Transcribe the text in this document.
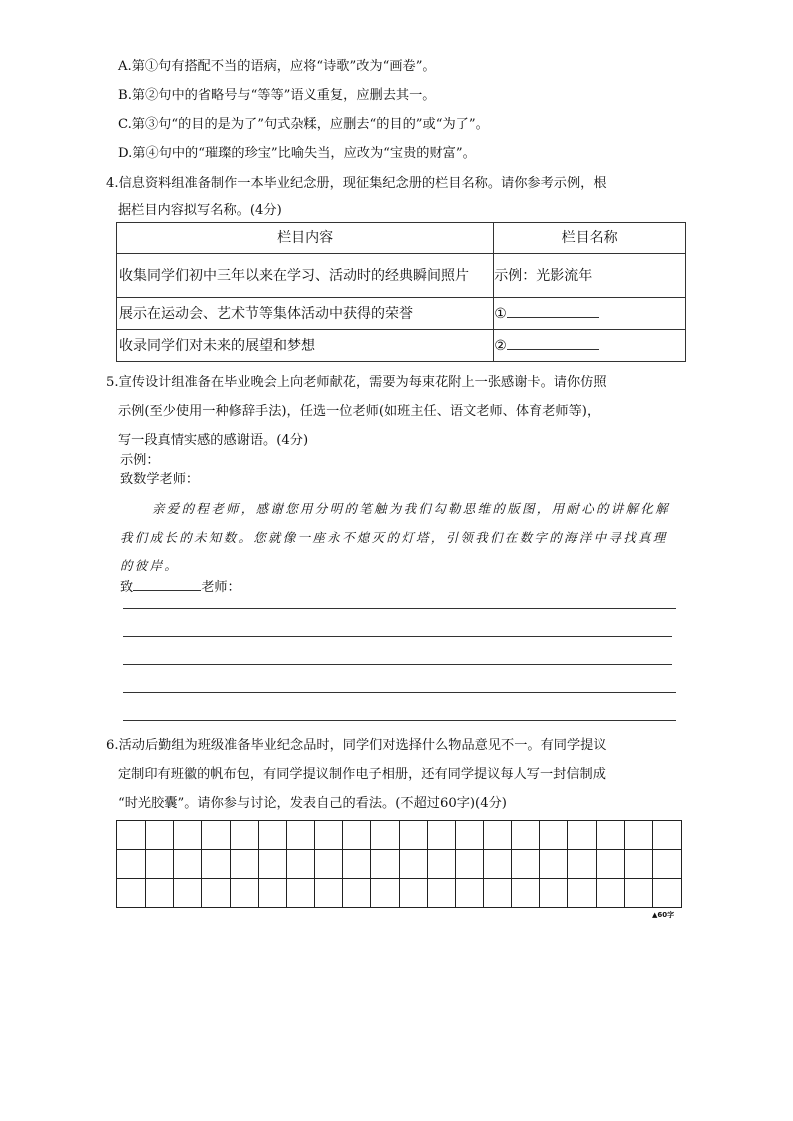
A.第①句有搭配不当的语病，应将“诗歌”改为“画卷”。
B.第②句中的省略号与“等等”语义重复，应删去其一。
C.第③句“的目的是为了”句式杂糅，应删去“的目的”或“为了”。
D.第④句中的“璀璨的珍宝”比喻失当，应改为“宝贵的财富”。
4.信息资料组准备制作一本毕业纪念册，现征集纪念册的栏目名称。请你参考示例，根
据栏目内容拟写名称。(4分)
栏目内容	栏目名称
收集同学们初中三年以来在学习、活动时的经典瞬间照片	示例：光影流年
展示在运动会、艺术节等集体活动中获得的荣誉	①
收录同学们对未来的展望和梦想	②
5.宣传设计组准备在毕业晚会上向老师献花，需要为每束花附上一张感谢卡。请你仿照
示例(至少使用一种修辞手法)，任选一位老师(如班主任、语文老师、体育老师等)，
写一段真情实感的感谢语。(4分)
示例：
致数学老师：
亲爱的程老师，感谢您用分明的笔触为我们勾勒思维的版图，用耐心的讲解化解
我们成长的未知数。您就像一座永不熄灭的灯塔，引领我们在数字的海洋中寻找真理
的彼岸。
致	老师：
6.活动后勤组为班级准备毕业纪念品时，同学们对选择什么物品意见不一。有同学提议
定制印有班徽的帆布包，有同学提议制作电子相册，还有同学提议每人写一封信制成
▲60字
“时光胶囊”。请你参与讨论，发表自己的看法。(不超过60字)(4分)
